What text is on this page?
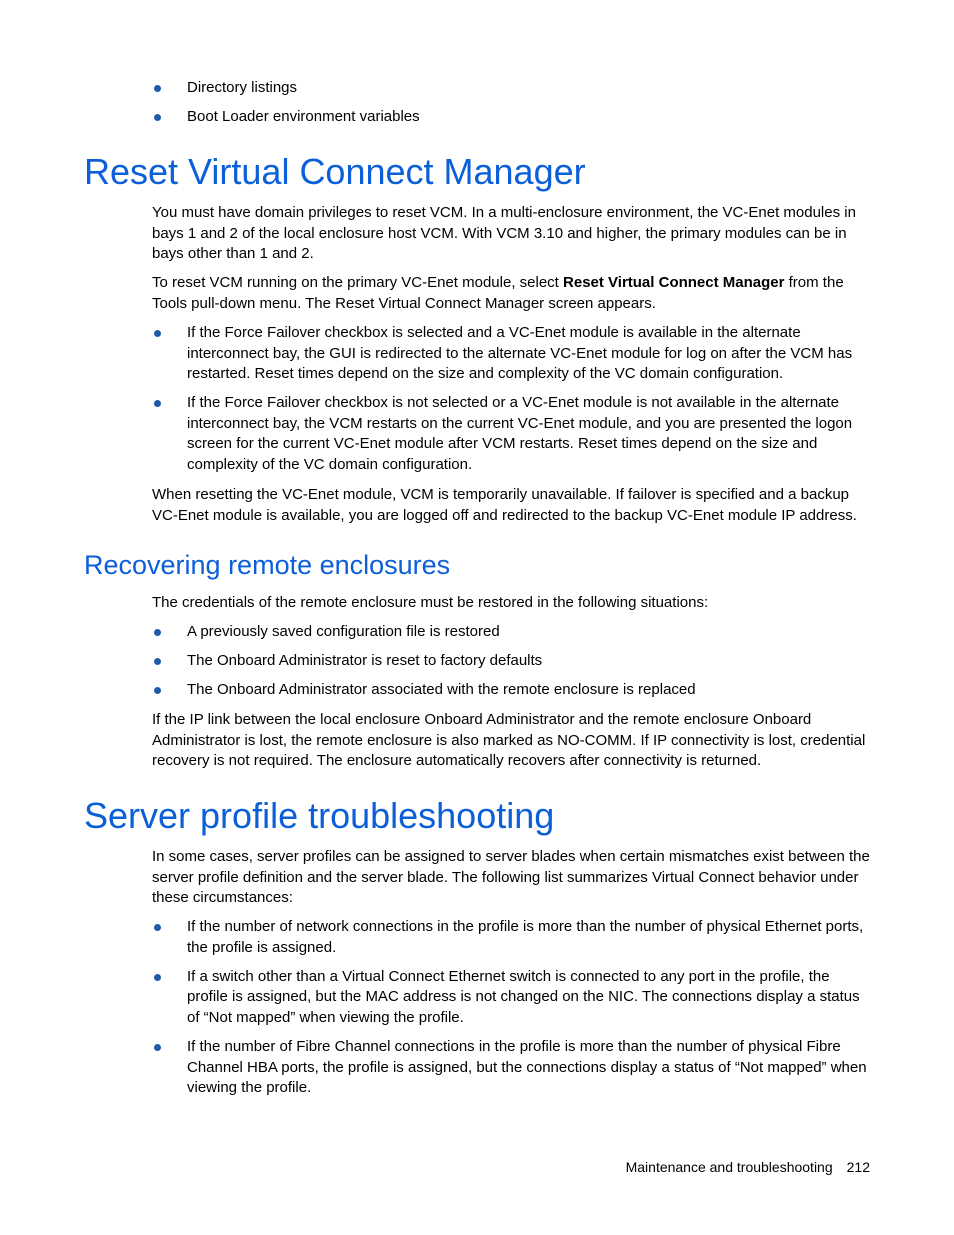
Directory listings
Boot Loader environment variables
Reset Virtual Connect Manager

You must have domain privileges to reset VCM. In a multi-enclosure environment, the VC-Enet modules in bays 1 and 2 of the local enclosure host VCM. With VCM 3.10 and higher, the primary modules can be in bays other than 1 and 2.

To reset VCM running on the primary VC-Enet module, select Reset Virtual Connect Manager from the Tools pull-down menu. The Reset Virtual Connect Manager screen appears.

If the Force Failover checkbox is selected and a VC-Enet module is available in the alternate interconnect bay, the GUI is redirected to the alternate VC-Enet module for log on after the VCM has restarted. Reset times depend on the size and complexity of the VC domain configuration.
If the Force Failover checkbox is not selected or a VC-Enet module is not available in the alternate interconnect bay, the VCM restarts on the current VC-Enet module, and you are presented the logon screen for the current VC-Enet module after VCM restarts. Reset times depend on the size and complexity of the VC domain configuration.

When resetting the VC-Enet module, VCM is temporarily unavailable. If failover is specified and a backup VC-Enet module is available, you are logged off and redirected to the backup VC-Enet module IP address.

Recovering remote enclosures

The credentials of the remote enclosure must be restored in the following situations:

A previously saved configuration file is restored
The Onboard Administrator is reset to factory defaults
The Onboard Administrator associated with the remote enclosure is replaced

If the IP link between the local enclosure Onboard Administrator and the remote enclosure Onboard Administrator is lost, the remote enclosure is also marked as NO-COMM. If IP connectivity is lost, credential recovery is not required. The enclosure automatically recovers after connectivity is returned.

Server profile troubleshooting

In some cases, server profiles can be assigned to server blades when certain mismatches exist between the server profile definition and the server blade. The following list summarizes Virtual Connect behavior under these circumstances:

If the number of network connections in the profile is more than the number of physical Ethernet ports, the profile is assigned.
If a switch other than a Virtual Connect Ethernet switch is connected to any port in the profile, the profile is assigned, but the MAC address is not changed on the NIC. The connections display a status of “Not mapped” when viewing the profile.
If the number of Fibre Channel connections in the profile is more than the number of physical Fibre Channel HBA ports, the profile is assigned, but the connections display a status of “Not mapped” when viewing the profile.
Maintenance and troubleshooting 212
